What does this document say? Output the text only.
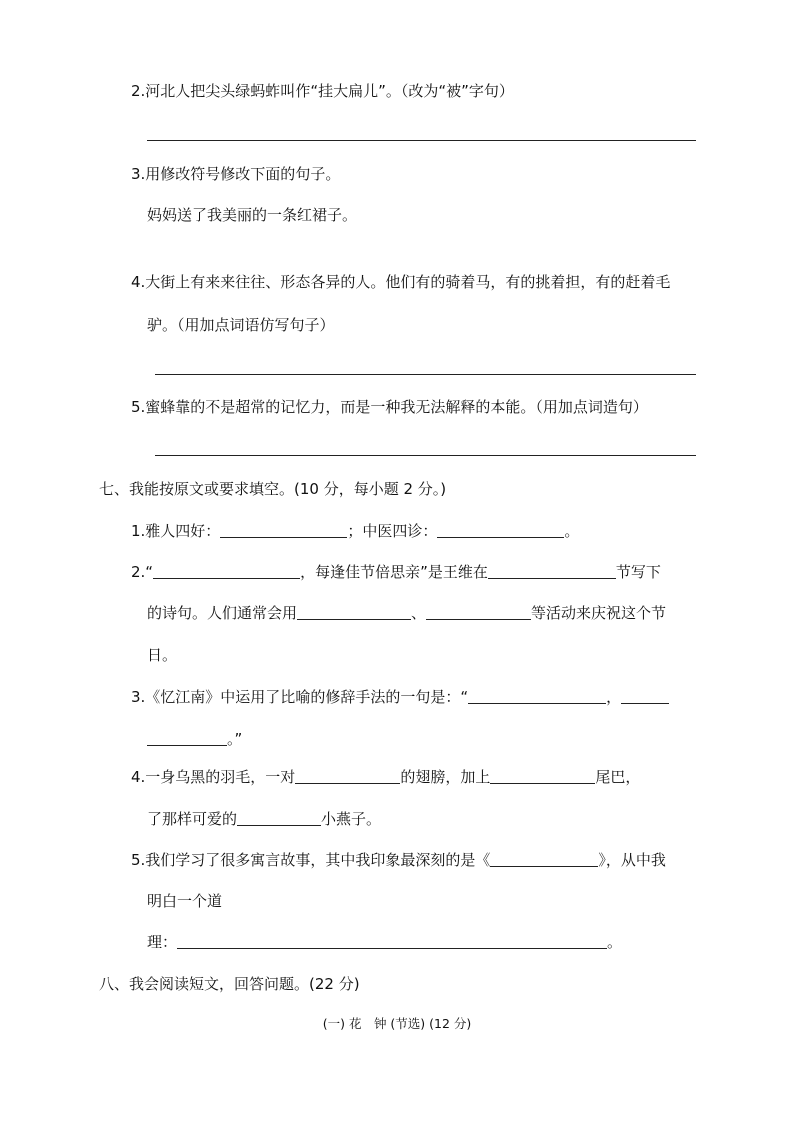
2.河北人把尖头绿蚂蚱叫作“挂大扁儿”。（改为“被”字句）
3.用修改符号修改下面的句子。
妈妈送了我美丽的一条红裙子。
4.大街上有来来往往、形态各异的人。他们有的骑着马，有的挑着担，有的赶着毛
驴。（用加点词语仿写句子）
5.蜜蜂靠的不是超常的记忆力，而是一种我无法解释的本能。（用加点词造句）
七、我能按原文或要求填空。(10 分，每小题 2 分。)
1.雅人四好：	；中医四诊：	。
2.“	，每逢佳节倍思亲”是王维在	节写下
的诗句。人们通常会用	、	等活动来庆祝这个节
日。
3.《忆江南》中运用了比喻的修辞手法的一句是：“	，
。”
4.一身乌黑的羽毛，一对	的翅膀，加上	尾巴，
了那样可爱的	小燕子。
5.我们学习了很多寓言故事，其中我印象最深刻的是《	》，从中我
明白一个道
理：	。
八、我会阅读短文，回答问题。(22 分)
(一) 花　钟 (节选) (12 分)
